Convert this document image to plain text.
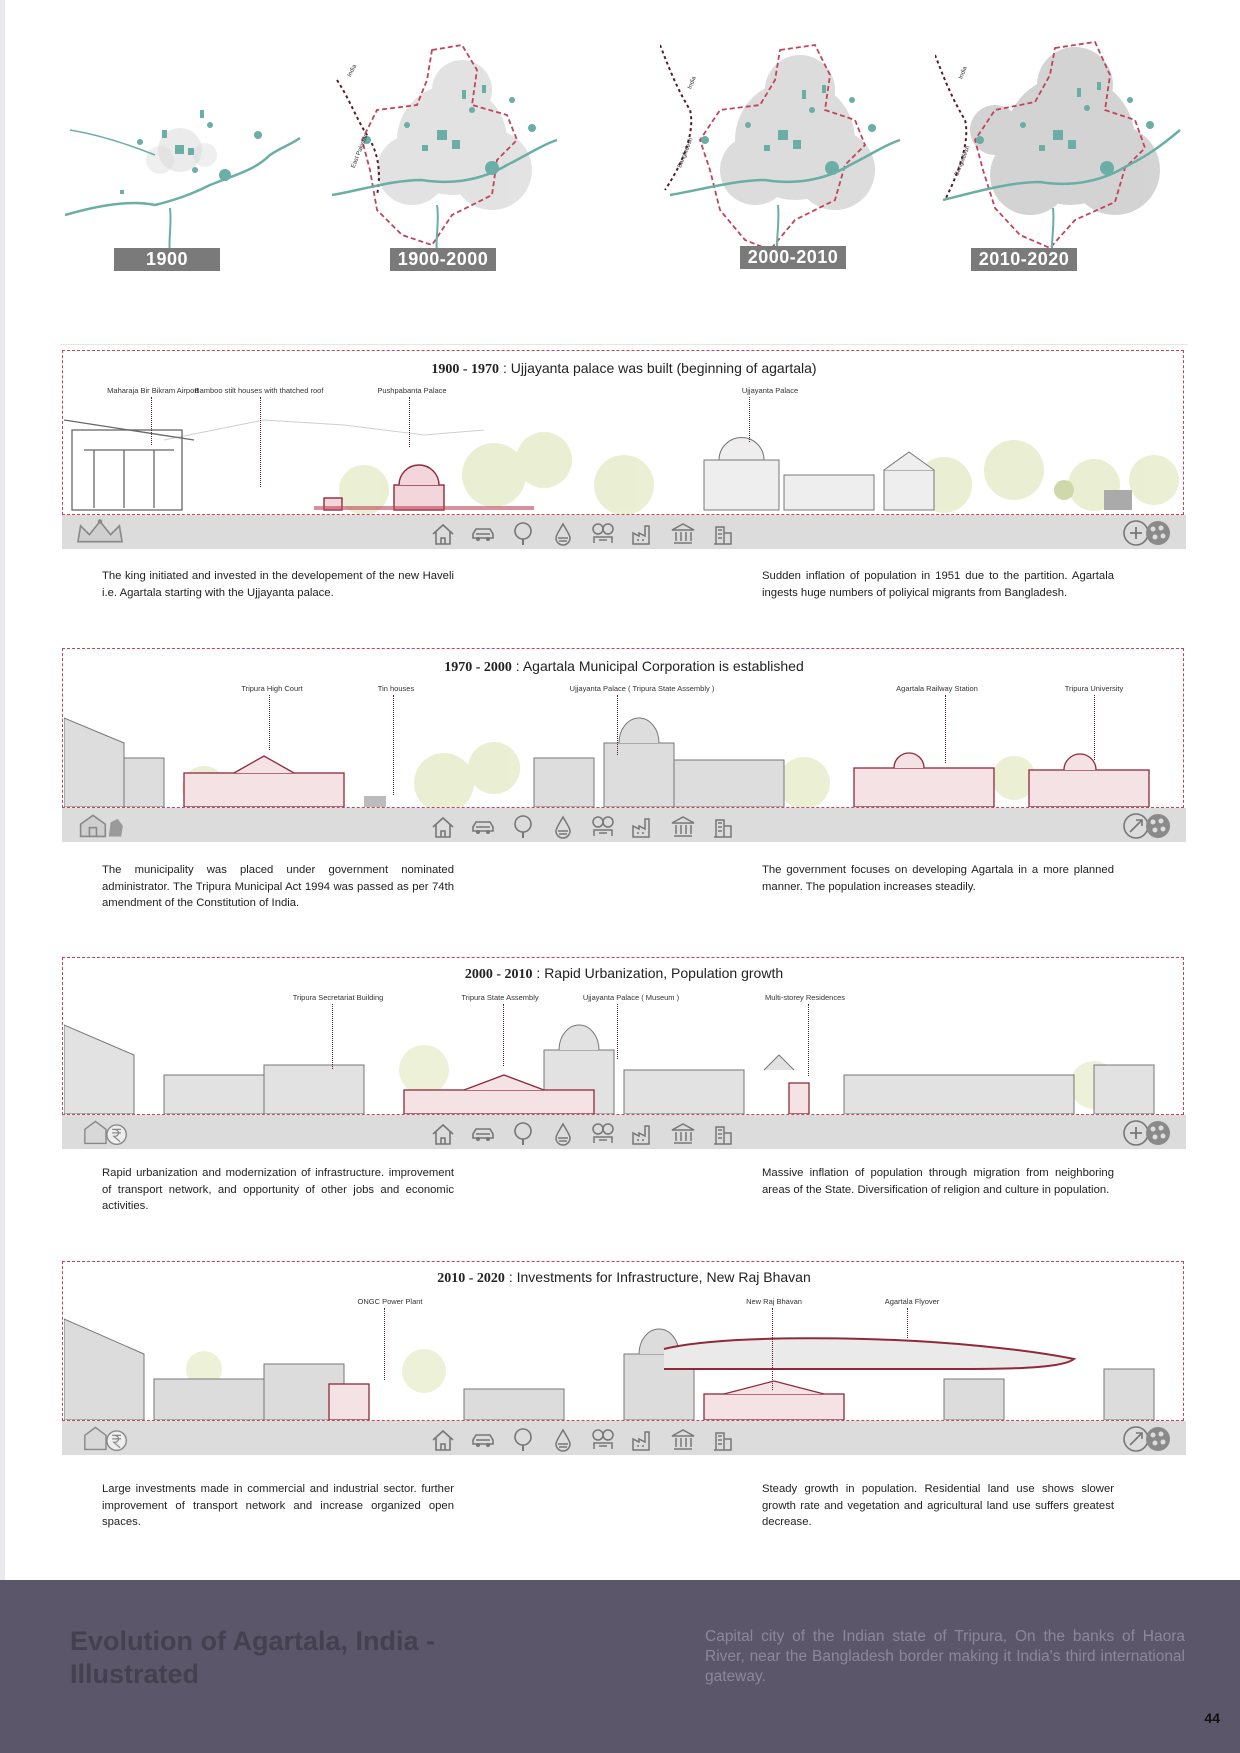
1900
India
East Pakistan
1900-2000
India
Bangladesh
2000-2010
India
Bangladesh
2010-2020
1900 - 1970 : Ujjayanta palace was built (beginning of agartala)
Maharaja Bir Bikram Airport
Bamboo stilt houses with thatched roof	Pushpabanta Palace	Ujjayanta Palace
The king initiated and invested in the developement of the new Haveli i.e. Agartala starting with the Ujjayanta palace.
Sudden inflation of population in 1951 due to the partition. Agartala ingests huge numbers of poliyical migrants from Bangladesh.
1970 - 2000 : Agartala Municipal Corporation is established
Tripura High Court	Tin houses	Ujjayanta Palace ( Tripura State Assembly )	Agartala Railway Station	Tripura University
The municipality was placed under government nominated administrator. The Tripura Municipal Act 1994 was passed as per 74th amendment of the Constitution of India.
The government focuses on developing Agartala in a more planned manner. The population increases steadily.
2000 - 2010 : Rapid Urbanization, Population growth
Tripura Secretariat Building	Tripura State Assembly	Ujjayanta Palace ( Museum )	Multi-storey Residences
Rapid urbanization and modernization of infrastructure. improvement of transport network, and opportunity of other jobs and economic activities.
Massive inflation of population through migration from neighboring areas of the State. Diversification of religion and culture in population.
2010 - 2020 : Investments for Infrastructure, New Raj Bhavan
ONGC Power Plant	New Raj Bhavan	Agartala Flyover
Large investments made in commercial and industrial sector. further improvement of transport network and increase organized open spaces.
Steady growth in population. Residential land use shows slower growth rate and vegetation and agricultural land use suffers greatest decrease.
Evolution of Agartala, India - Illustrated
Capital city of the Indian state of Tripura, On the banks of Haora River, near the Bangladesh border making it India's third international gateway.
44
